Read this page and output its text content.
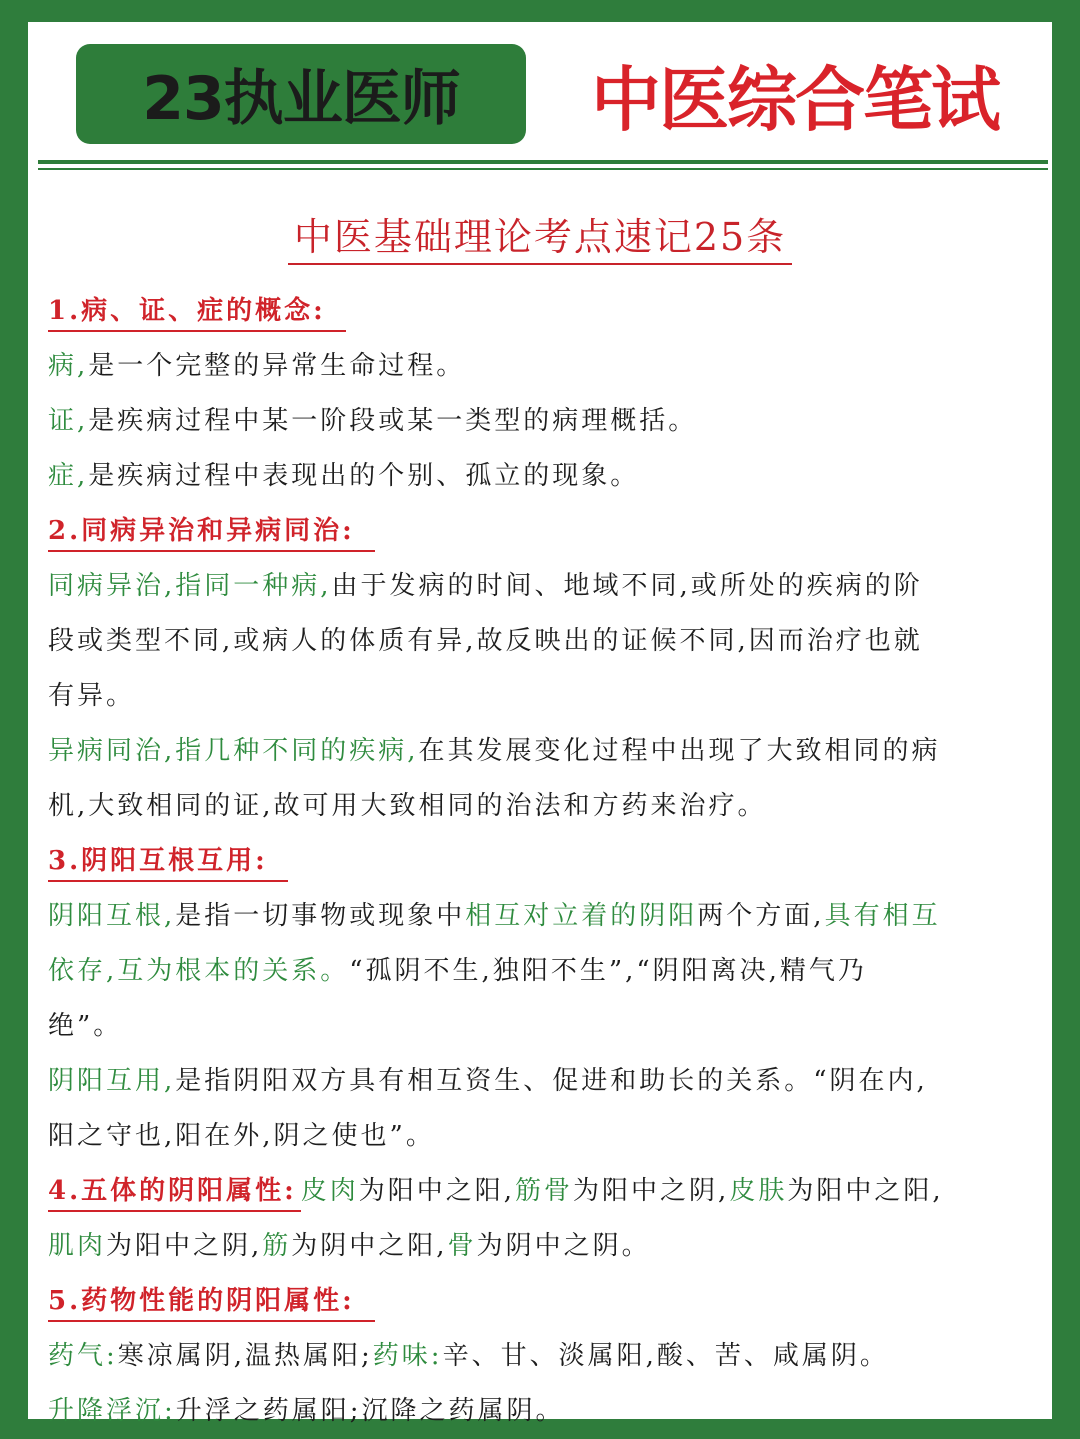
23执业医师	中医综合笔试
中医基础理论考点速记25条
1.病、证、症的概念:
病,是一个完整的异常生命过程。
证,是疾病过程中某一阶段或某一类型的病理概括。
症,是疾病过程中表现出的个别、孤立的现象。
2.同病异治和异病同治:
同病异治,指同一种病,由于发病的时间、地域不同,或所处的疾病的阶
段或类型不同,或病人的体质有异,故反映出的证候不同,因而治疗也就
有异。
异病同治,指几种不同的疾病,在其发展变化过程中出现了大致相同的病
机,大致相同的证,故可用大致相同的治法和方药来治疗。
3.阴阳互根互用:
阴阳互根,是指一切事物或现象中相互对立着的阴阳两个方面,具有相互
依存,互为根本的关系。“孤阴不生,独阳不生”,“阴阳离决,精气乃
绝”。
阴阳互用,是指阴阳双方具有相互资生、促进和助长的关系。“阴在内,
阳之守也,阳在外,阴之使也”。
4.五体的阴阳属性: 皮肉为阳中之阳,筋骨为阳中之阴,皮肤为阳中之阳,
肌肉为阳中之阴,筋为阴中之阳,骨为阴中之阴。
5.药物性能的阴阳属性:
药气:寒凉属阴,温热属阳;药味:辛、甘、淡属阳,酸、苦、咸属阴。
升降浮沉:升浮之药属阳;沉降之药属阴。
